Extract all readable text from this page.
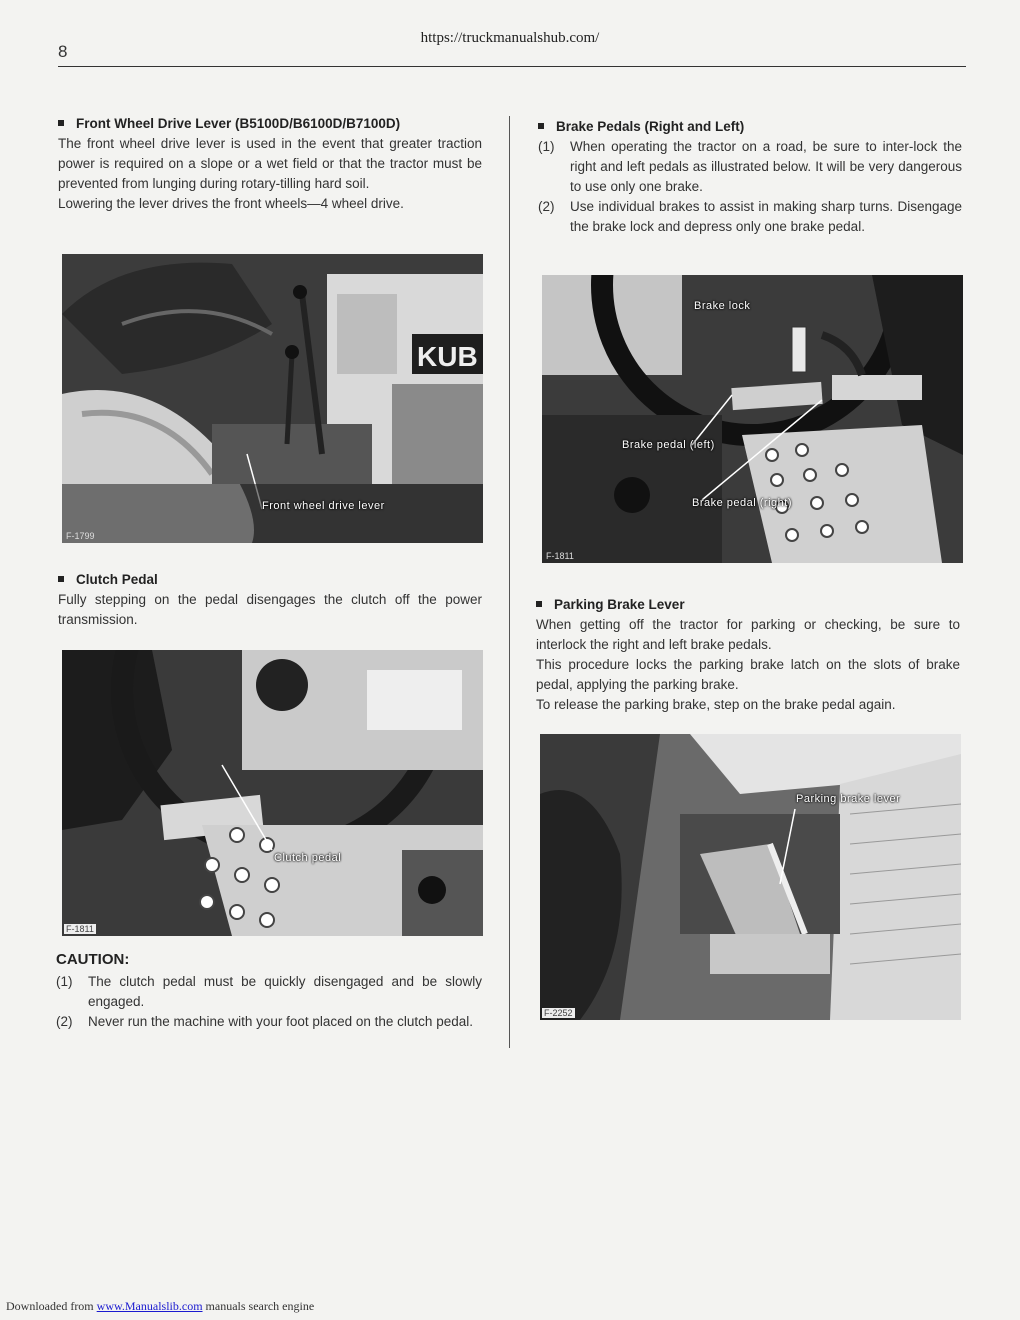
https://truckmanualshub.com/
8
Front Wheel Drive Lever (B5100D/B6100D/B7100D)

The front wheel drive lever is used in the event that greater traction power is required on a slope or a wet field or that the tractor must be prevented from lunging during rotary-tilling hard soil.

Lowering the lever drives the front wheels—4 wheel drive.

KUB
Front wheel drive lever
F-1799
Clutch Pedal

Fully stepping on the pedal disengages the clutch off the power transmission.

Clutch pedal
F-1811
CAUTION:
(1) The clutch pedal must be quickly disengaged and be slowly engaged.
(2) Never run the machine with your foot placed on the clutch pedal.
Brake Pedals (Right and Left)
(1) When operating the tractor on a road, be sure to inter-lock the right and left pedals as illustrated below. It will be very dangerous to use only one brake.
(2) Use individual brakes to assist in making sharp turns. Disengage the brake lock and depress only one brake pedal.
Brake lock
Brake pedal (left)
Brake pedal (right)
F-1811
Parking Brake Lever

When getting off the tractor for parking or checking, be sure to interlock the right and left brake pedals.

This procedure locks the parking brake latch on the slots of brake pedal, applying the parking brake.

To release the parking brake, step on the brake pedal again.

Parking brake lever
F-2252
Downloaded from www.Manualslib.com manuals search engine
